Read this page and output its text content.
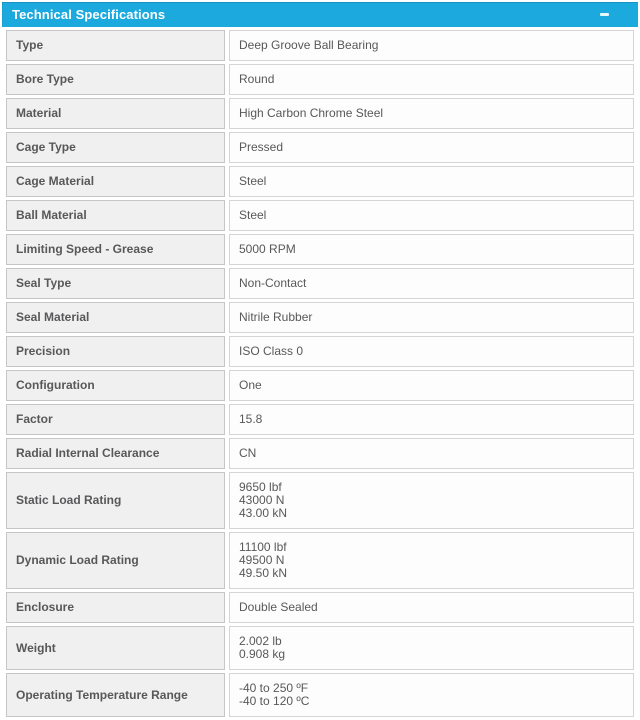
Technical Specifications
Type	Deep Groove Ball Bearing

Bore Type	Round

Material	High Carbon Chrome Steel

Cage Type	Pressed

Cage Material	Steel

Ball Material	Steel

Limiting Speed - Grease	5000 RPM

Seal Type	Non-Contact

Seal Material	Nitrile Rubber

Precision	ISO Class 0

Configuration	One

Factor	15.8

Radial Internal Clearance	CN

Static Load Rating	9650 lbf
43000 N
43.00 kN

Dynamic Load Rating	11100 lbf
49500 N
49.50 kN

Enclosure	Double Sealed

Weight	2.002 lb
0.908 kg

Operating Temperature Range	-40 to 250 ºF
-40 to 120 ºC
